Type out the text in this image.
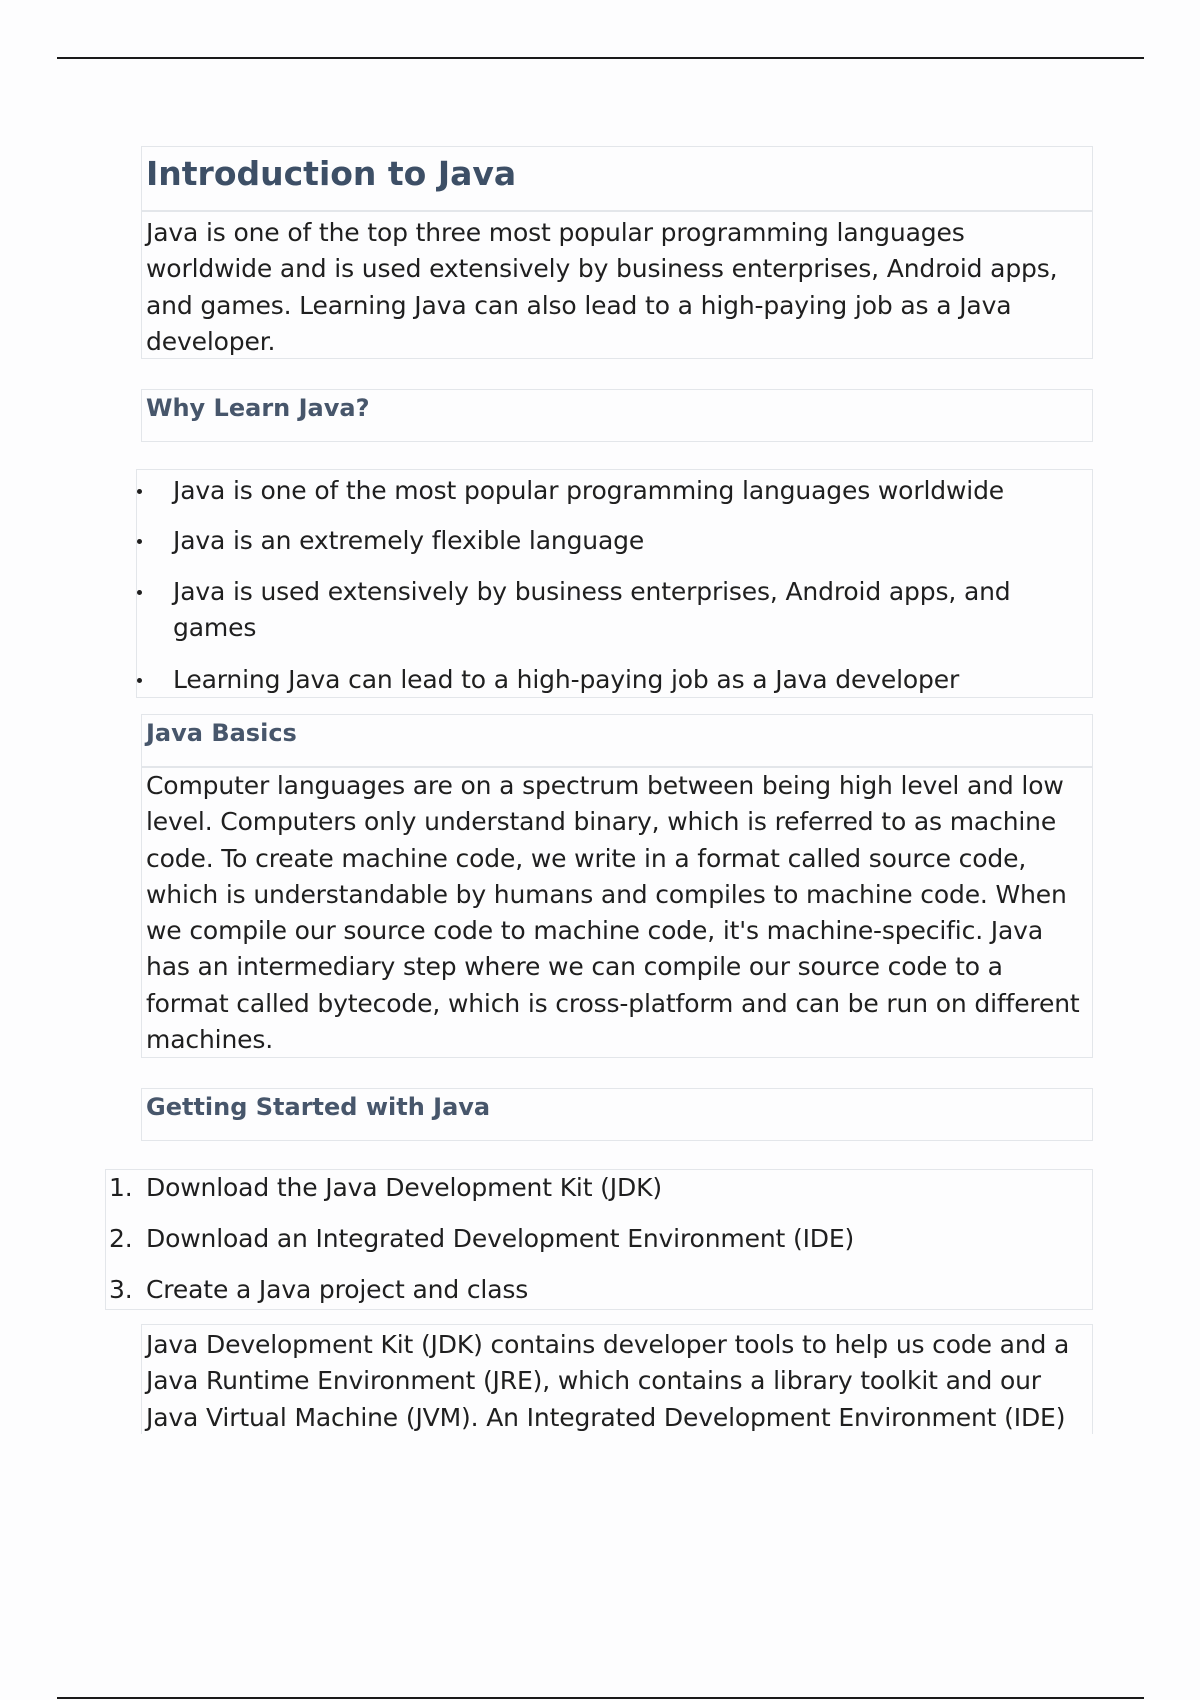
Introduction to Java

Java is one of the top three most popular programming languages worldwide and is used extensively by business enterprises, Android apps, and games. Learning Java can also lead to a high-paying job as a Java developer.

Why Learn Java?
Java is one of the most popular programming languages worldwide
Java is an extremely flexible language
Java is used extensively by business enterprises, Android apps, and games
Learning Java can lead to a high-paying job as a Java developer
Java Basics

Computer languages are on a spectrum between being high level and low level. Computers only understand binary, which is referred to as machine code. To create machine code, we write in a format called source code, which is understandable by humans and compiles to machine code. When we compile our source code to machine code, it's machine-specific. Java has an intermediary step where we can compile our source code to a format called bytecode, which is cross-platform and can be run on different machines.

Getting Started with Java
1. Download the Java Development Kit (JDK)
2. Download an Integrated Development Environment (IDE)
3. Create a Java project and class

Java Development Kit (JDK) contains developer tools to help us code and a Java Runtime Environment (JRE), which contains a library toolkit and our Java Virtual Machine (JVM). An Integrated Development Environment (IDE)
